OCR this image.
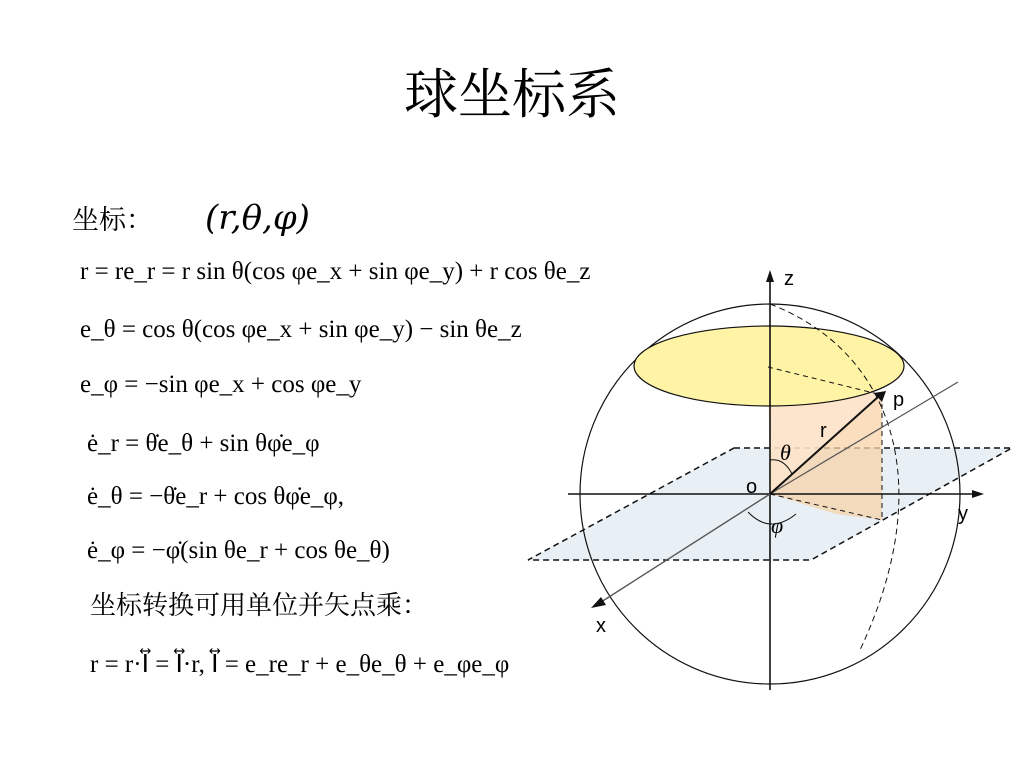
球坐标系
坐标： (r,θ,φ)
r = re_r = r sin θ(cos φe_x + sin φe_y) + r cos θe_z
e_θ = cos θ(cos φe_x + sin φe_y) − sin θe_z
e_φ = −sin φe_x + cos φe_y
ė_r = θ̇e_θ + sin θφ̇e_φ
ė_θ = −θ̇e_r + cos θφ̇e_φ,
ė_φ = −φ̇(sin θe_r + cos θe_θ)
坐标转换可用单位并矢点乘：
r = r·I⃡ = I⃡·r, I⃡ = e_re_r + e_θe_θ + e_φe_φ
z
y
x
o
p
r
θ
φ
